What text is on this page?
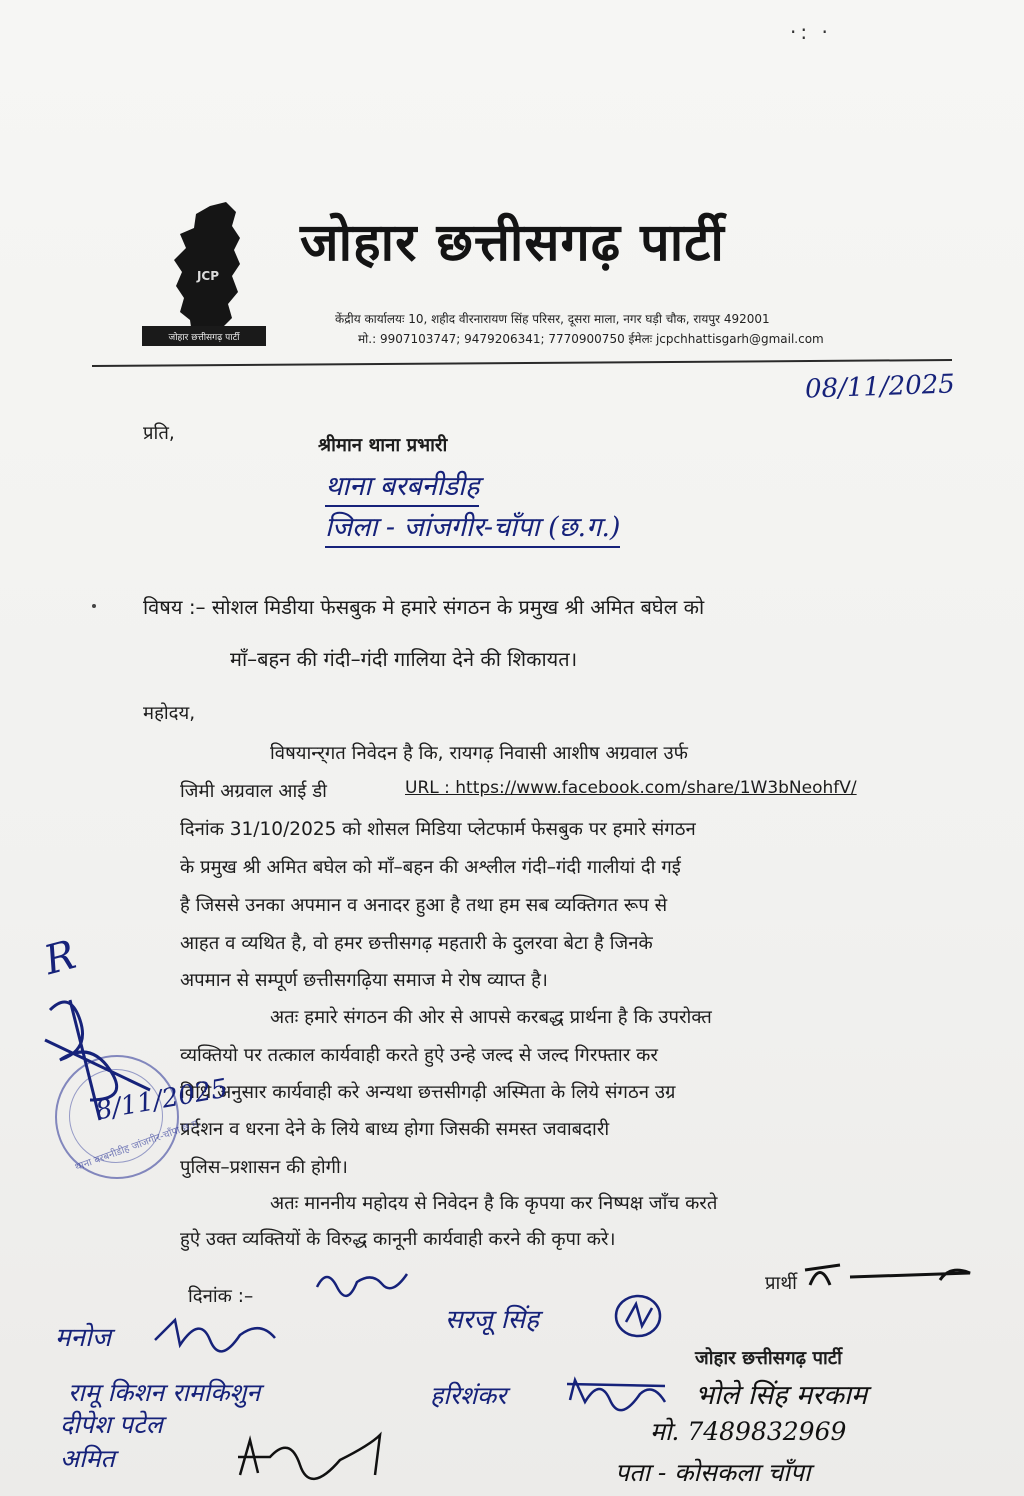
·: ·
जोहार छत्तीसगढ़ पार्टी
JCP
जोहार छत्तीसगढ़ पार्टी
केंद्रीय कार्यालयः 10, शहीद वीरनारायण सिंह परिसर, दूसरा माला, नगर घड़ी चौक, रायपुर 492001
मो.: 9907103747; 9479206341; 7770900750 ईमेलः jcpchhattisgarh@gmail.com
08/11/2025
प्रति,
श्रीमान थाना प्रभारी
थाना बरबनीडीह
जिला - जांजगीर-चाँपा (छ.ग.)
विषय :– सोशल मिडीया फेसबुक मे हमारे संगठन के प्रमुख श्री अमित बघेल को
माँ–बहन की गंदी–गंदी गालिया देने की शिकायत।
महोदय,
विषयान्‍र्गत निवेदन है कि, रायगढ़ निवासी आशीष अग्रवाल उर्फ
जिमी अग्रवाल आई डी	URL : https://www.facebook.com/share/1W3bNeohfV/
दिनांक 31/10/2025 को शोसल मिडिया प्लेटफार्म फेसबुक पर हमारे संगठन
के प्रमुख श्री अमित बघेल को माँ–बहन की अश्लील गंदी–गंदी गालीयां दी गई
है जिससे उनका अपमान व अनादर हुआ है तथा हम सब व्यक्तिगत रूप से
आहत व व्यथित है, वो हमर छत्तीसगढ़ महतारी के दुलरवा बेटा है जिनके
अपमान से सम्पूर्ण छत्तीसगढ़िया समाज मे रोष व्याप्त है।
अतः हमारे संगठन की ओर से आपसे करबद्ध प्रार्थना है कि उपरोक्त
व्यक्तियो पर तत्काल कार्यवाही करते हुऐ उन्हे जल्द से जल्द गिरफ्तार कर
विधि अनुसार कार्यवाही करे अन्यथा छत्तसीगढ़ी अस्मिता के लिये संगठन उग्र
प्रर्दशन व धरना देने के लिये बाध्य होगा जिसकी समस्त जवाबदारी
पुलिस–प्रशासन की होगी।
अतः माननीय महोदय से निवेदन है कि कृपया कर निष्पक्ष जाँच करते
हुऐ उक्त व्यक्तियों के विरुद्ध कानूनी कार्यवाही करने की कृपा करे।
थाना बरबनीडीह जांजगीर-चाँपा छ.ग.
R
8/11/2025
दिनांक :–
प्रार्थी
जोहार छत्तीसगढ़ पार्टी
मनोज
सरजू सिंह
रामू किशन रामकिशुन	हरिशंकर	भोले सिंह मरकाम
दीपेश पटेल	मो. 7489832969
अमित	पता - कोसकला चाँपा
